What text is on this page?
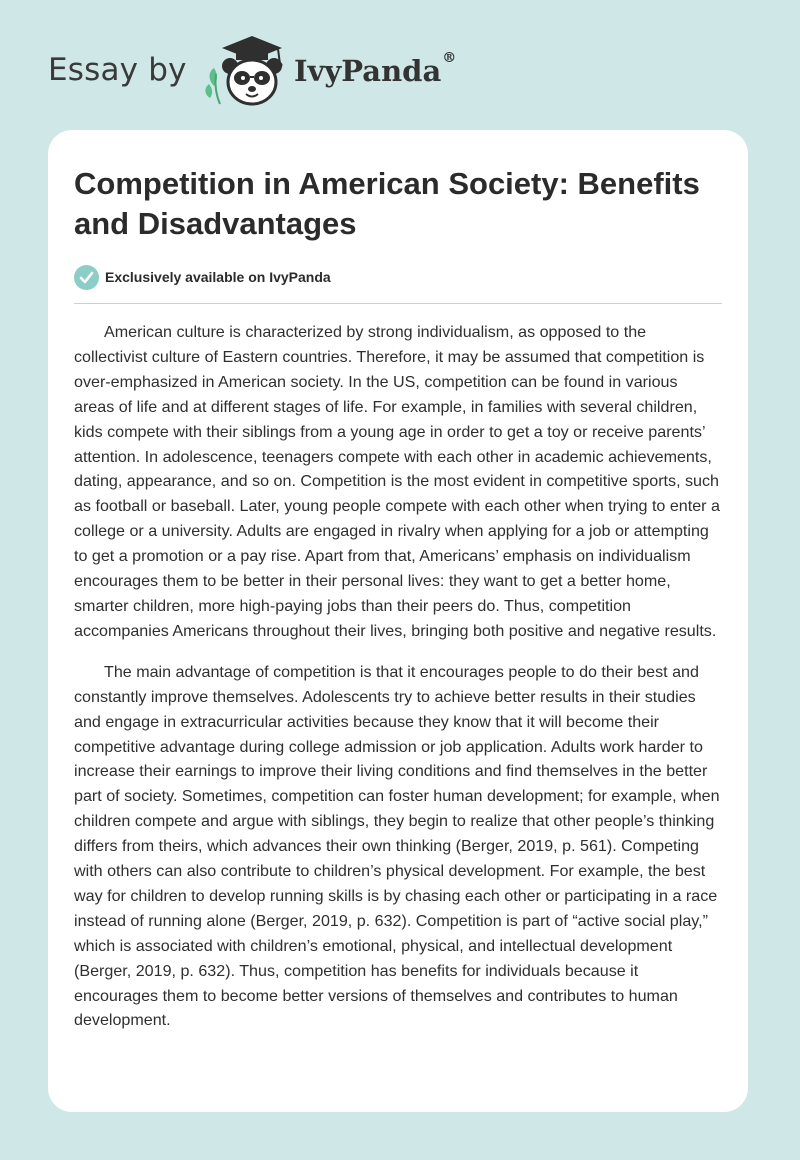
Essay by	IvyPanda®
Competition in American Society: Benefits and Disadvantages
Exclusively available on IvyPanda

American culture is characterized by strong individualism, as opposed to the collectivist culture of Eastern countries. Therefore, it may be assumed that competition is over-emphasized in American society. In the US, competition can be found in various areas of life and at different stages of life. For example, in families with several children, kids compete with their siblings from a young age in order to get a toy or receive parents’ attention. In adolescence, teenagers compete with each other in academic achievements, dating, appearance, and so on. Competition is the most evident in competitive sports, such as football or baseball. Later, young people compete with each other when trying to enter a college or a university. Adults are engaged in rivalry when applying for a job or attempting to get a promotion or a pay rise. Apart from that, Americans’ emphasis on individualism encourages them to be better in their personal lives: they want to get a better home, smarter children, more high-paying jobs than their peers do. Thus, competition accompanies Americans throughout their lives, bringing both positive and negative results.

The main advantage of competition is that it encourages people to do their best and constantly improve themselves. Adolescents try to achieve better results in their studies and engage in extracurricular activities because they know that it will become their competitive advantage during college admission or job application. Adults work harder to increase their earnings to improve their living conditions and find themselves in the better part of society. Sometimes, competition can foster human development; for example, when children compete and argue with siblings, they begin to realize that other people’s thinking differs from theirs, which advances their own thinking (Berger, 2019, p. 561). Competing with others can also contribute to children’s physical development. For example, the best way for children to develop running skills is by chasing each other or participating in a race instead of running alone (Berger, 2019, p. 632). Competition is part of “active social play,” which is associated with children’s emotional, physical, and intellectual development (Berger, 2019, p. 632). Thus, competition has benefits for individuals because it encourages them to become better versions of themselves and contributes to human development.
